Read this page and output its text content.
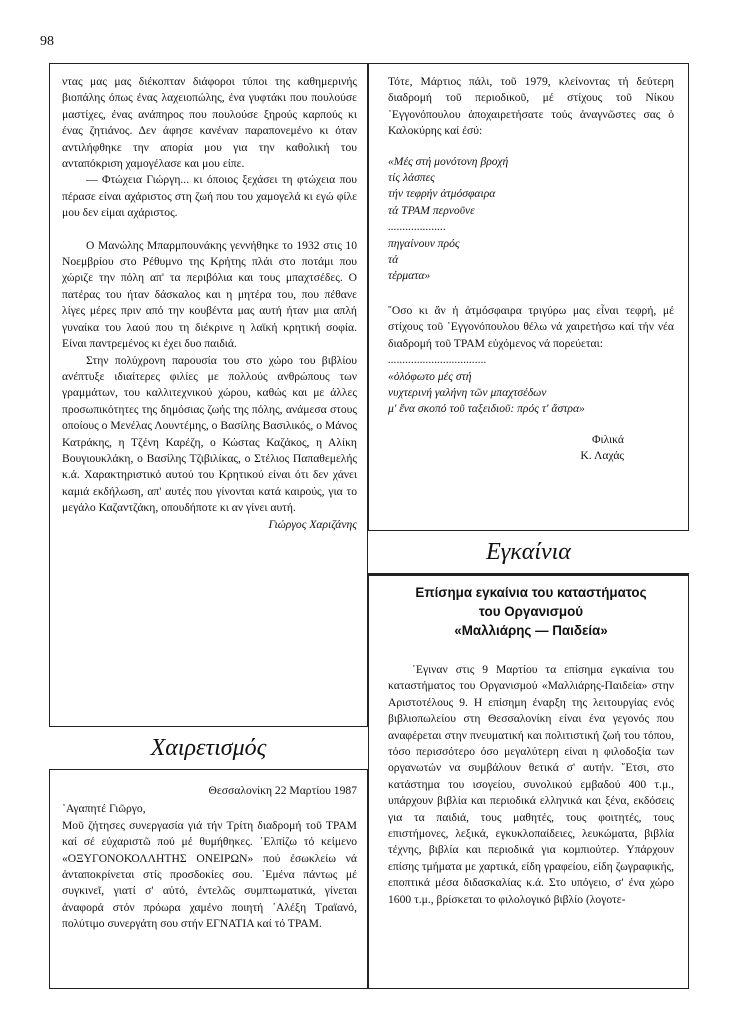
98

ντας μας μας διέκοπταν διάφοροι τύποι της καθημερινής βιοπάλης όπως ένας λαχειοπώλης, ένα γυφτάκι που πουλούσε μαστίχες, ένας ανάπηρος που πουλούσε ξηρούς καρπούς κι ένας ζητιάνος. Δεν άφησε κανέναν παραπονεμένο κι όταν αντιλήφθηκε την απορία μου για την καθολική του ανταπόκριση χαμογέλασε και μου είπε.

— Φτώχεια Γιώργη... κι όποιος ξεχάσει τη φτώχεια που πέρασε είναι αχάριστος στη ζωή που του χαμογελά κι εγώ φίλε μου δεν είμαι αχάριστος.

Ο Μανώλης Μπαρμπουνάκης γεννήθηκε το 1932 στις 10 Νοεμβρίου στο Ρέθυμνο της Κρήτης πλάι στο ποτάμι που χώριζε την πόλη απ' τα περιβόλια και τους μπαχτσέδες. Ο πατέρας του ήταν δάσκαλος και η μητέρα του, που πέθανε λίγες μέρες πριν από την κουβέντα μας αυτή ήταν μια απλή γυναίκα του λαού που τη διέκρινε η λαϊκή κρητική σοφία. Είναι παντρεμένος κι έχει δυο παιδιά.

Στην πολύχρονη παρουσία του στο χώρο του βιβλίου ανέπτυξε ιδιαίτερες φιλίες με πολλούς ανθρώπους των γραμμάτων, του καλλιτεχνικού χώρου, καθώς και με άλλες προσωπικότητες της δημόσιας ζωής της πόλης, ανάμεσα στους οποίους ο Μενέλας Λουντέμης, ο Βασίλης Βασιλικός, ο Μάνος Κατράκης, η Τζένη Καρέζη, ο Κώστας Καζάκος, η Αλίκη Βουγιουκλάκη, ο Βασίλης Τζιβιλίκας, ο Στέλιος Παπαθεμελής κ.ά. Χαρακτηριστικό αυτού του Κρητικού είναι ότι δεν χάνει καμιά εκδήλωση, απ' αυτές που γίνονται κατά καιρούς, για το μεγάλο Καζαντζάκη, οπουδήποτε κι αν γίνει αυτή.

Γιώργος Χαριζάνης

Χαιρετισμός

Θεσσαλονίκη 22 Μαρτίου 1987

᾿Αγαπητέ Γιῶργο,

Μοῦ ζήτησες συνεργασία γιά τήν Τρίτη διαδρομή τοῦ ΤΡΑΜ καί σέ εὐχαριστῶ πού μέ θυμήθηκες. ᾿Ελπίζω τό κείμενο «ΟΞΥΓΟΝΟΚΟΛΛΗΤΗΣ ΟΝΕΙΡΩΝ» πού ἐσωκλείω νά ἀνταποκρίνεται στίς προσδοκίες σου. ᾿Εμένα πάντως μέ συγκινεῖ, γιατί σ' αὐτό, ἐντελῶς συμπτωματικά, γίνεται ἀναφορά στόν πρόωρα χαμένο ποιητή ᾿Αλέξη Τραϊανό, πολύτιμο συνεργάτη σου στήν ΕΓΝΑΤΙΑ καί τό ΤΡΑΜ.

Τότε, Μάρτιος πάλι, τοῦ 1979, κλείνοντας τή δεύτερη διαδρομή τοῦ περιοδικοῦ, μέ στίχους τοῦ Νίκου ᾿Εγγονόπουλου ἀποχαιρετήσατε τούς ἀναγνῶστες σας ὁ Καλοκύρης καί ἐσύ:

«Μές στή μονότονη βροχή
τίς λάσπες
τήν τεφρήν ἀτμόσφαιρα
τά ΤΡΑΜ περνοῦνε
....................
πηγαίνουν πρός
τά
τέρματα»

῞Οσο κι ἄν ἡ ἀτμόσφαιρα τριγύρω μας εἶναι τεφρή, μέ στίχους τοῦ ᾿Εγγονόπουλου θέλω νά χαιρετήσω καί τήν νέα διαδρομή τοῦ ΤΡΑΜ εὐχόμενος νά πορεύεται:

..................................
«ὁλόφωτο μές στή
νυχτερινή γαλήνη τῶν μπαχτσέδων
μ' ἕνα σκοπό τοῦ ταξειδιοῦ: πρός τ' ἄστρα»

Φιλικά

Κ. Λαχάς

Εγκαίνια
Επίσημα εγκαίνια του καταστήματος
του Οργανισμού
«Μαλλιάρης — Παιδεία»

῾Εγιναν στις 9 Μαρτίου τα επίσημα εγκαίνια του καταστήματος του Οργανισμού «Μαλλιάρης-Παιδεία» στην Αριστοτέλους 9. Η επίσημη έναρξη της λειτουργίας ενός βιβλιοπωλείου στη Θεσσαλονίκη είναι ένα γεγονός που αναφέρεται στην πνευματική και πολιτιστική ζωή του τόπου, τόσο περισσότερο όσο μεγαλύτερη είναι η φιλοδοξία των οργανωτών να συμβάλουν θετικά σ' αυτήν. ῞Ετσι, στο κατάστημα του ισογείου, συνολικού εμβαδού 400 τ.μ., υπάρχουν βιβλία και περιοδικά ελληνικά και ξένα, εκδόσεις για τα παιδιά, τους μαθητές, τους φοιτητές, τους επιστήμονες, λεξικά, εγκυκλοπαίδειες, λευκώματα, βιβλία τέχνης, βιβλία και περιοδικά για κομπιούτερ. Υπάρχουν επίσης τμήματα με χαρτικά, είδη γραφείου, είδη ζωγραφικής, εποπτικά μέσα διδασκαλίας κ.ά. Στο υπόγειο, σ' ένα χώρο 1600 τ.μ., βρίσκεται το φιλολογικό βιβλίο (λογοτε-
